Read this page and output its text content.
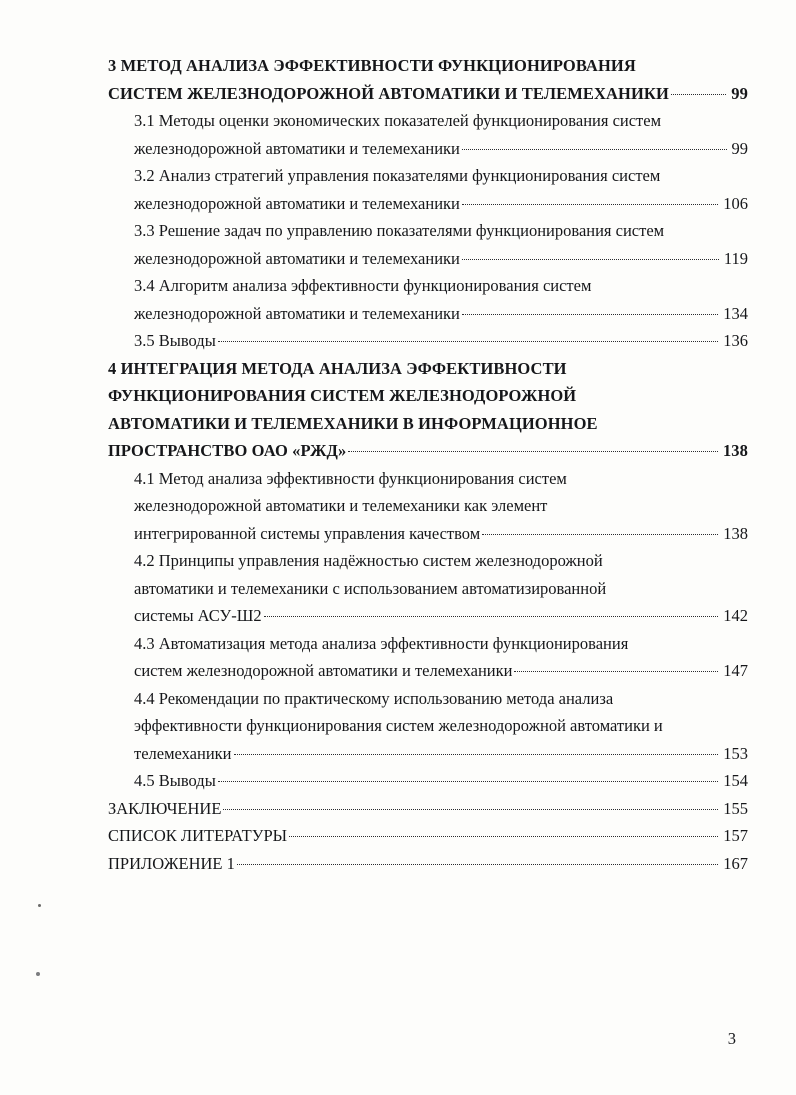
3 МЕТОД АНАЛИЗА ЭФФЕКТИВНОСТИ ФУНКЦИОНИРОВАНИЯ
СИСТЕМ ЖЕЛЕЗНОДОРОЖНОЙ АВТОМАТИКИ И ТЕЛЕМЕХАНИКИ	99
3.1 Методы оценки экономических показателей функционирования систем
железнодорожной автоматики и телемеханики	99
3.2 Анализ стратегий управления показателями функционирования систем
железнодорожной автоматики и телемеханики	106
3.3 Решение задач по управлению показателями функционирования систем
железнодорожной автоматики и телемеханики	119
3.4 Алгоритм анализа эффективности функционирования систем
железнодорожной автоматики и телемеханики	134
3.5 Выводы	136
4 ИНТЕГРАЦИЯ МЕТОДА АНАЛИЗА ЭФФЕКТИВНОСТИ
ФУНКЦИОНИРОВАНИЯ СИСТЕМ ЖЕЛЕЗНОДОРОЖНОЙ
АВТОМАТИКИ И ТЕЛЕМЕХАНИКИ В ИНФОРМАЦИОННОЕ
ПРОСТРАНСТВО ОАО «РЖД»	138
4.1 Метод анализа эффективности функционирования систем
железнодорожной автоматики и телемеханики как элемент
интегрированной системы управления качеством	138
4.2 Принципы управления надёжностью систем железнодорожной
автоматики и телемеханики с использованием автоматизированной
системы АСУ-Ш2	142
4.3 Автоматизация метода анализа эффективности функционирования
систем железнодорожной автоматики и телемеханики	147
4.4 Рекомендации по практическому использованию метода анализа
эффективности функционирования систем железнодорожной автоматики и
телемеханики	153
4.5 Выводы	154
ЗАКЛЮЧЕНИЕ	155
СПИСОК ЛИТЕРАТУРЫ	157
ПРИЛОЖЕНИЕ 1	167
3
